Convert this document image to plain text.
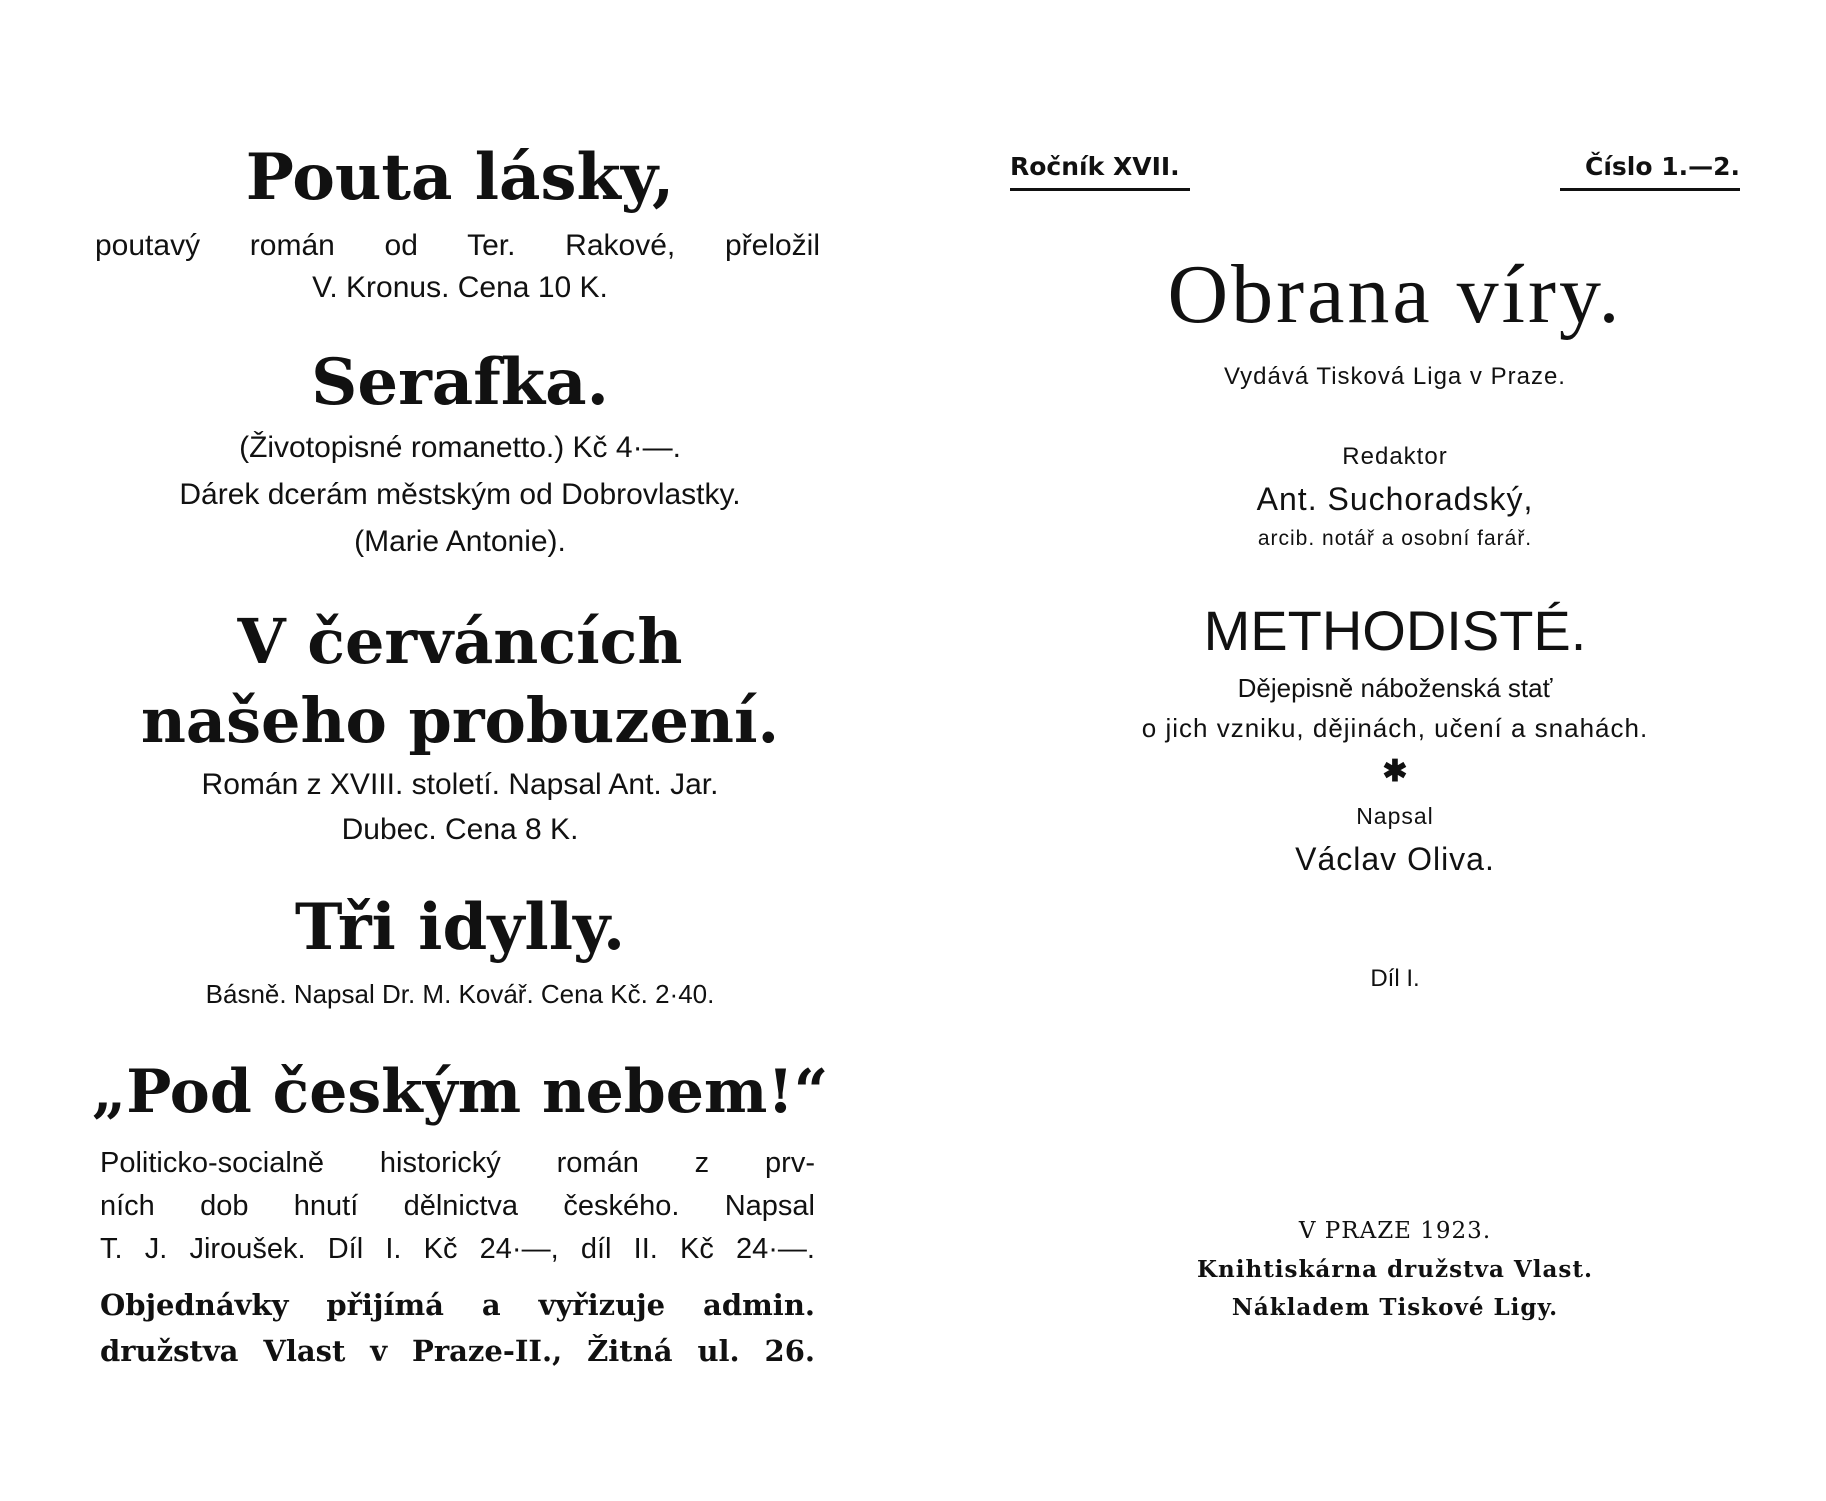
Pouta lásky,
poutavý román od Ter. Rakové, přeložil
V. Kronus. Cena 10 K.
Serafka.
(Životopisné romanetto.) Kč 4·—.
Dárek dcerám městským od Dobrovlastky.
(Marie Antonie).
V červáncích
našeho probuzení.
Román z XVIII. století. Napsal Ant. Jar.
Dubec. Cena 8 K.
Tři idylly.
Básně. Napsal Dr. M. Kovář. Cena Kč. 2·40.
„Pod českým nebem!“
Politicko-socialně historický román z prv-
ních dob hnutí dělnictva českého. Napsal
T. J. Jiroušek. Díl I. Kč 24·—, díl II. Kč 24·—.
Objednávky přijímá a vyřizuje admin.
družstva Vlast v Praze-II., Žitná ul. 26.
Ročník XVII.	Číslo 1.—2.
Obrana víry.
Vydává Tisková Liga v Praze.
Redaktor
Ant. Suchoradský,
arcib. notář a osobní farář.
METHODISTÉ.
Dějepisně náboženská stať
o jich vzniku, dějinách, učení a snahách.
✱
Napsal
Václav Oliva.
Díl I.
V PRAZE 1923.
Knihtiskárna družstva Vlast.
Nákladem Tiskové Ligy.
